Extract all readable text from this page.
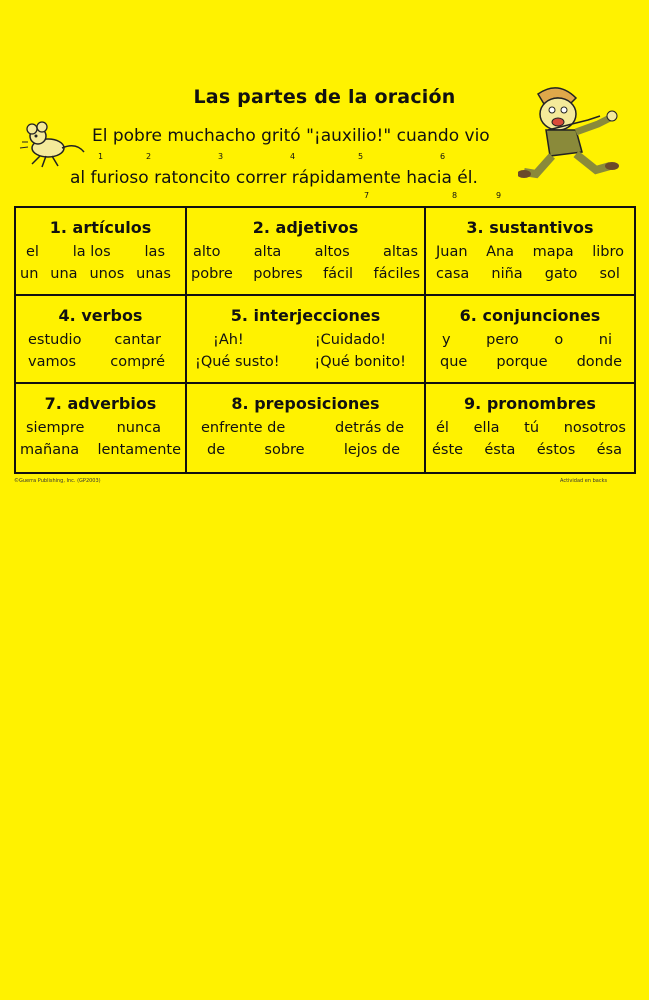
Las partes de la oración
El pobre muchacho gritó "¡auxilio!" cuando vio
al furioso ratoncito correr rápidamente hacia él.
1	2	3	4	5	6
7	8	9
1. artículos
el la los las
un una unos unas
2. adjetivos
alto alta altos altas
pobre pobres fácil fáciles
3. sustantivos
Juan Ana mapa libro
casa niña gato sol
4. verbos
estudio cantar
vamos compré
5. interjecciones
¡Ah!	¡Cuidado!
¡Qué susto! ¡Qué bonito!
6. conjunciones
y pero o ni
que porque donde
7. adverbios
siempre nunca
mañana lentamente
8. preposiciones
enfrente de	detrás de
de	sobre	lejos de
9. pronombres
él ella tú nosotros
éste ésta éstos ésa
©Guerra Publishing, Inc. (GP2003)	Actividad en backs
